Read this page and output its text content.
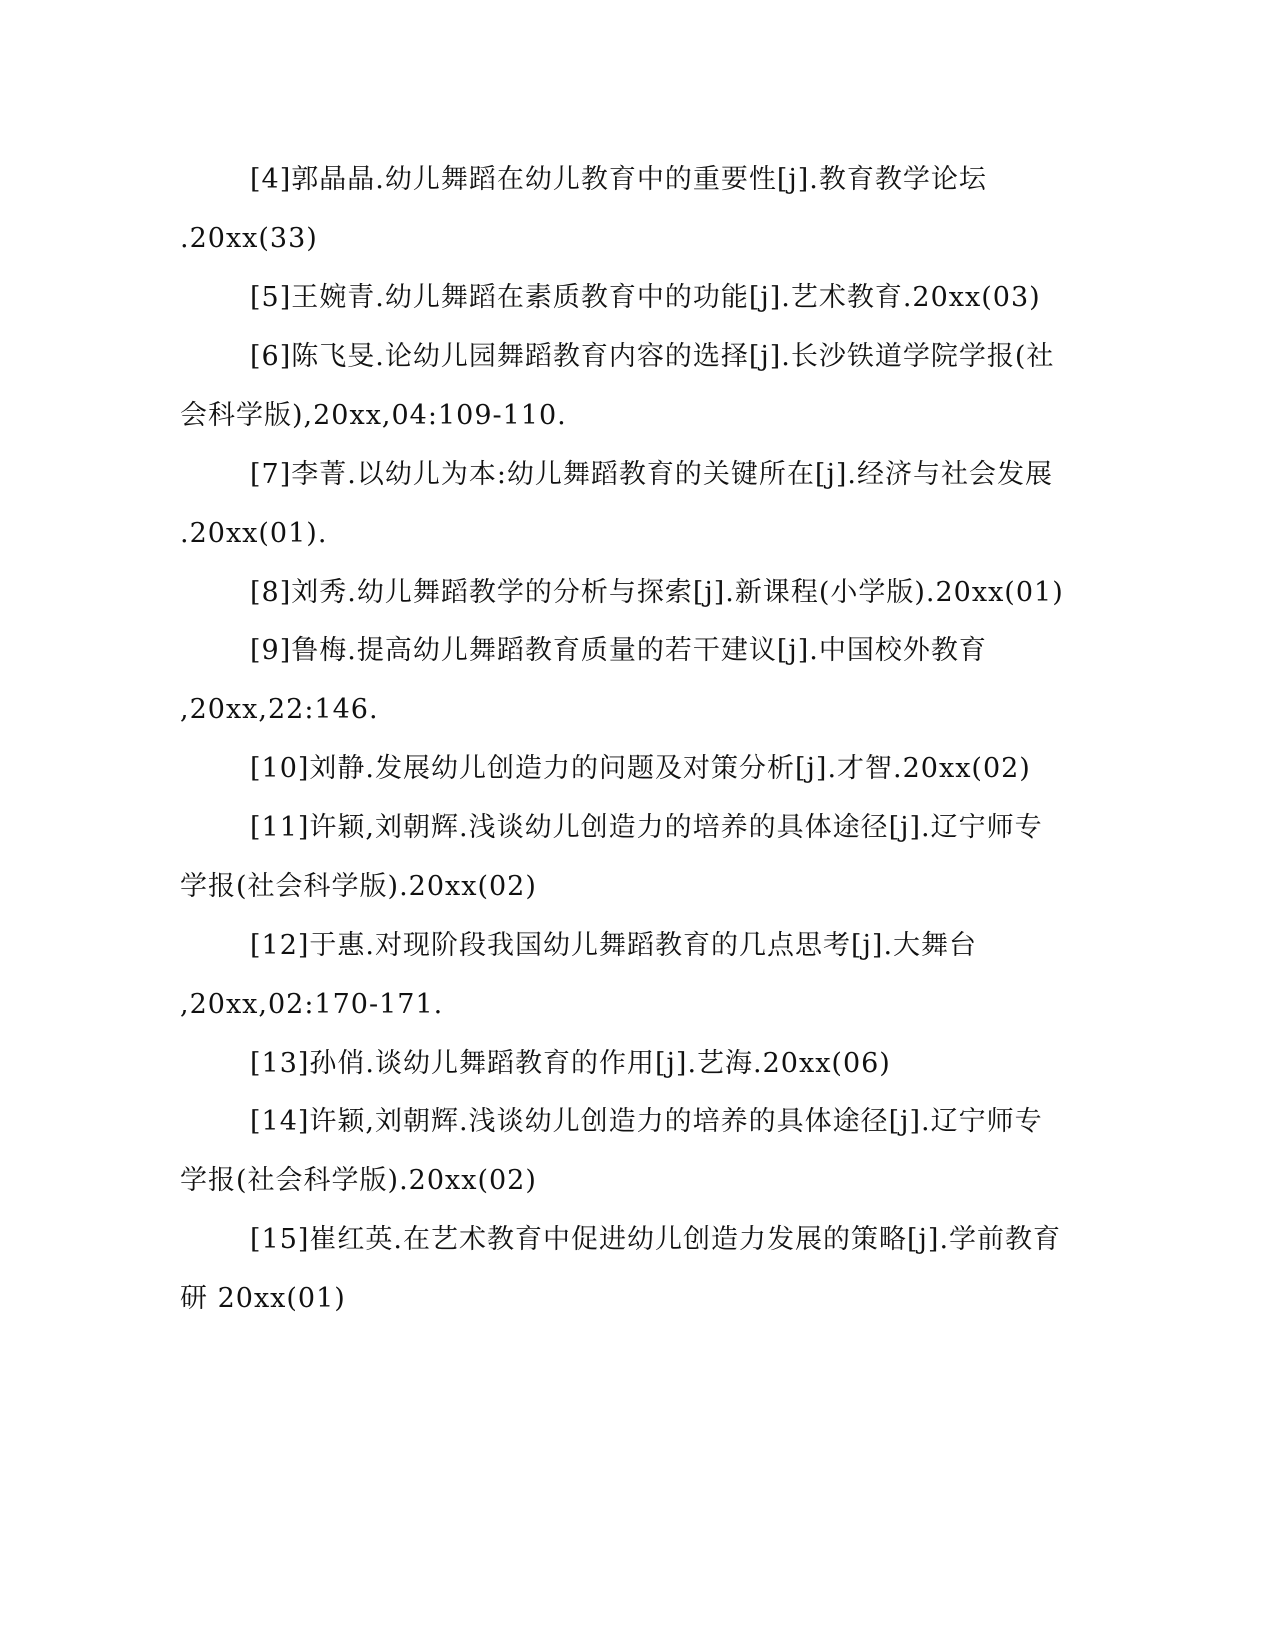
[4]郭晶晶.幼儿舞蹈在幼儿教育中的重要性[j].教育教学论坛
.20xx(33)
[5]王婉青.幼儿舞蹈在素质教育中的功能[j].艺术教育.20xx(03)
[6]陈飞旻.论幼儿园舞蹈教育内容的选择[j].长沙铁道学院学报(社
会科学版),20xx,04:109-110.
[7]李菁.以幼儿为本:幼儿舞蹈教育的关键所在[j].经济与社会发展
.20xx(01).
[8]刘秀.幼儿舞蹈教学的分析与探索[j].新课程(小学版).20xx(01)
[9]鲁梅.提高幼儿舞蹈教育质量的若干建议[j].中国校外教育
,20xx,22:146.
[10]刘静.发展幼儿创造力的问题及对策分析[j].才智.20xx(02)
[11]许颖,刘朝辉.浅谈幼儿创造力的培养的具体途径[j].辽宁师专
学报(社会科学版).20xx(02)
[12]于惠.对现阶段我国幼儿舞蹈教育的几点思考[j].大舞台
,20xx,02:170-171.
[13]孙俏.谈幼儿舞蹈教育的作用[j].艺海.20xx(06)
[14]许颖,刘朝辉.浅谈幼儿创造力的培养的具体途径[j].辽宁师专
学报(社会科学版).20xx(02)
[15]崔红英.在艺术教育中促进幼儿创造力发展的策略[j].学前教育
研 20xx(01)
